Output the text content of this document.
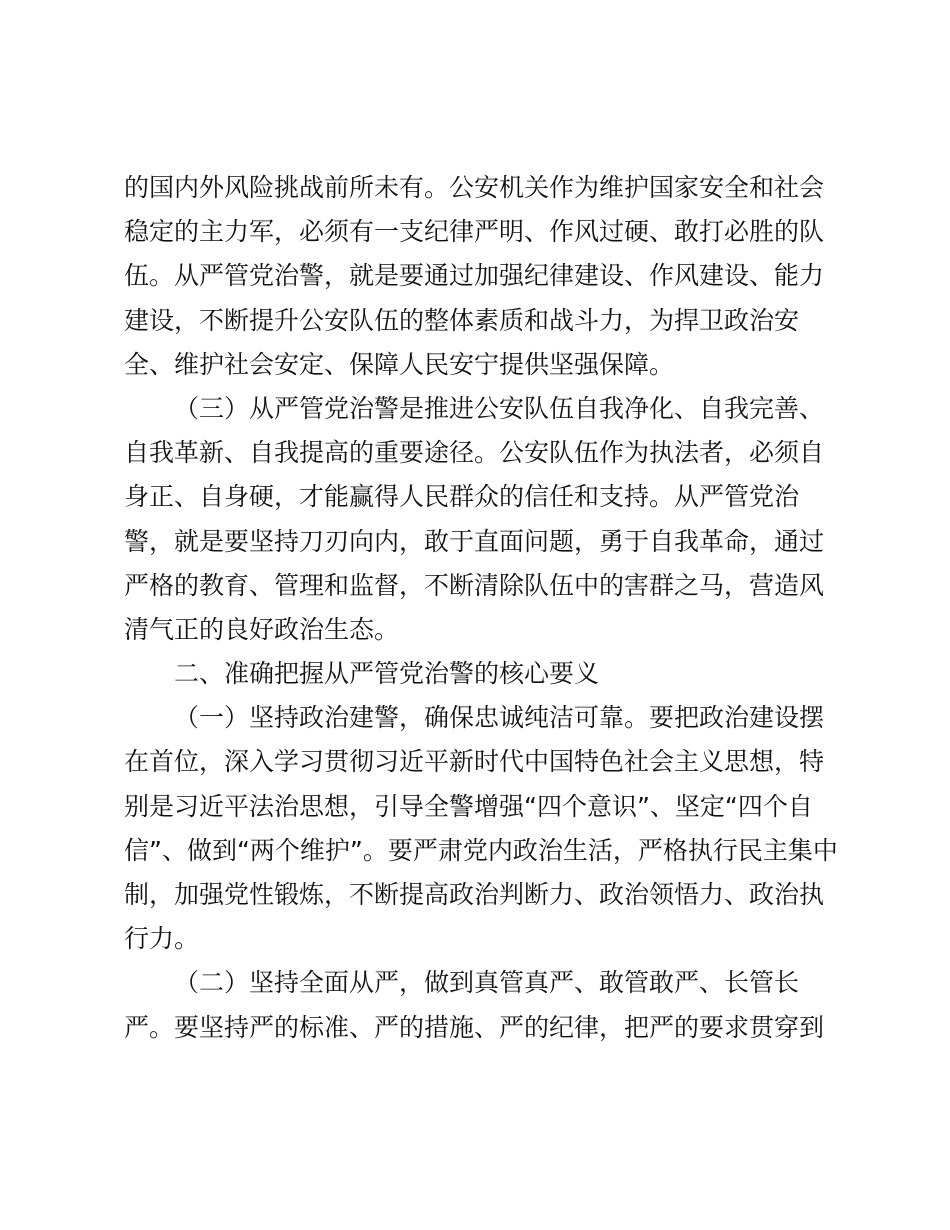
的国内外风险挑战前所未有。公安机关作为维护国家安全和社会
稳定的主力军，必须有一支纪律严明、作风过硬、敢打必胜的队
伍。从严管党治警，就是要通过加强纪律建设、作风建设、能力
建设，不断提升公安队伍的整体素质和战斗力，为捍卫政治安
全、维护社会安定、保障人民安宁提供坚强保障。
（三）从严管党治警是推进公安队伍自我净化、自我完善、
自我革新、自我提高的重要途径。公安队伍作为执法者，必须自
身正、自身硬，才能赢得人民群众的信任和支持。从严管党治
警，就是要坚持刀刃向内，敢于直面问题，勇于自我革命，通过
严格的教育、管理和监督，不断清除队伍中的害群之马，营造风
清气正的良好政治生态。
二、准确把握从严管党治警的核心要义
（一）坚持政治建警，确保忠诚纯洁可靠。要把政治建设摆
在首位，深入学习贯彻习近平新时代中国特色社会主义思想，特
别是习近平法治思想，引导全警增强“四个意识”、坚定“四个自
信”、做到“两个维护”。要严肃党内政治生活，严格执行民主集中
制，加强党性锻炼，不断提高政治判断力、政治领悟力、政治执
行力。
（二）坚持全面从严，做到真管真严、敢管敢严、长管长
严。要坚持严的标准、严的措施、严的纪律，把严的要求贯穿到
